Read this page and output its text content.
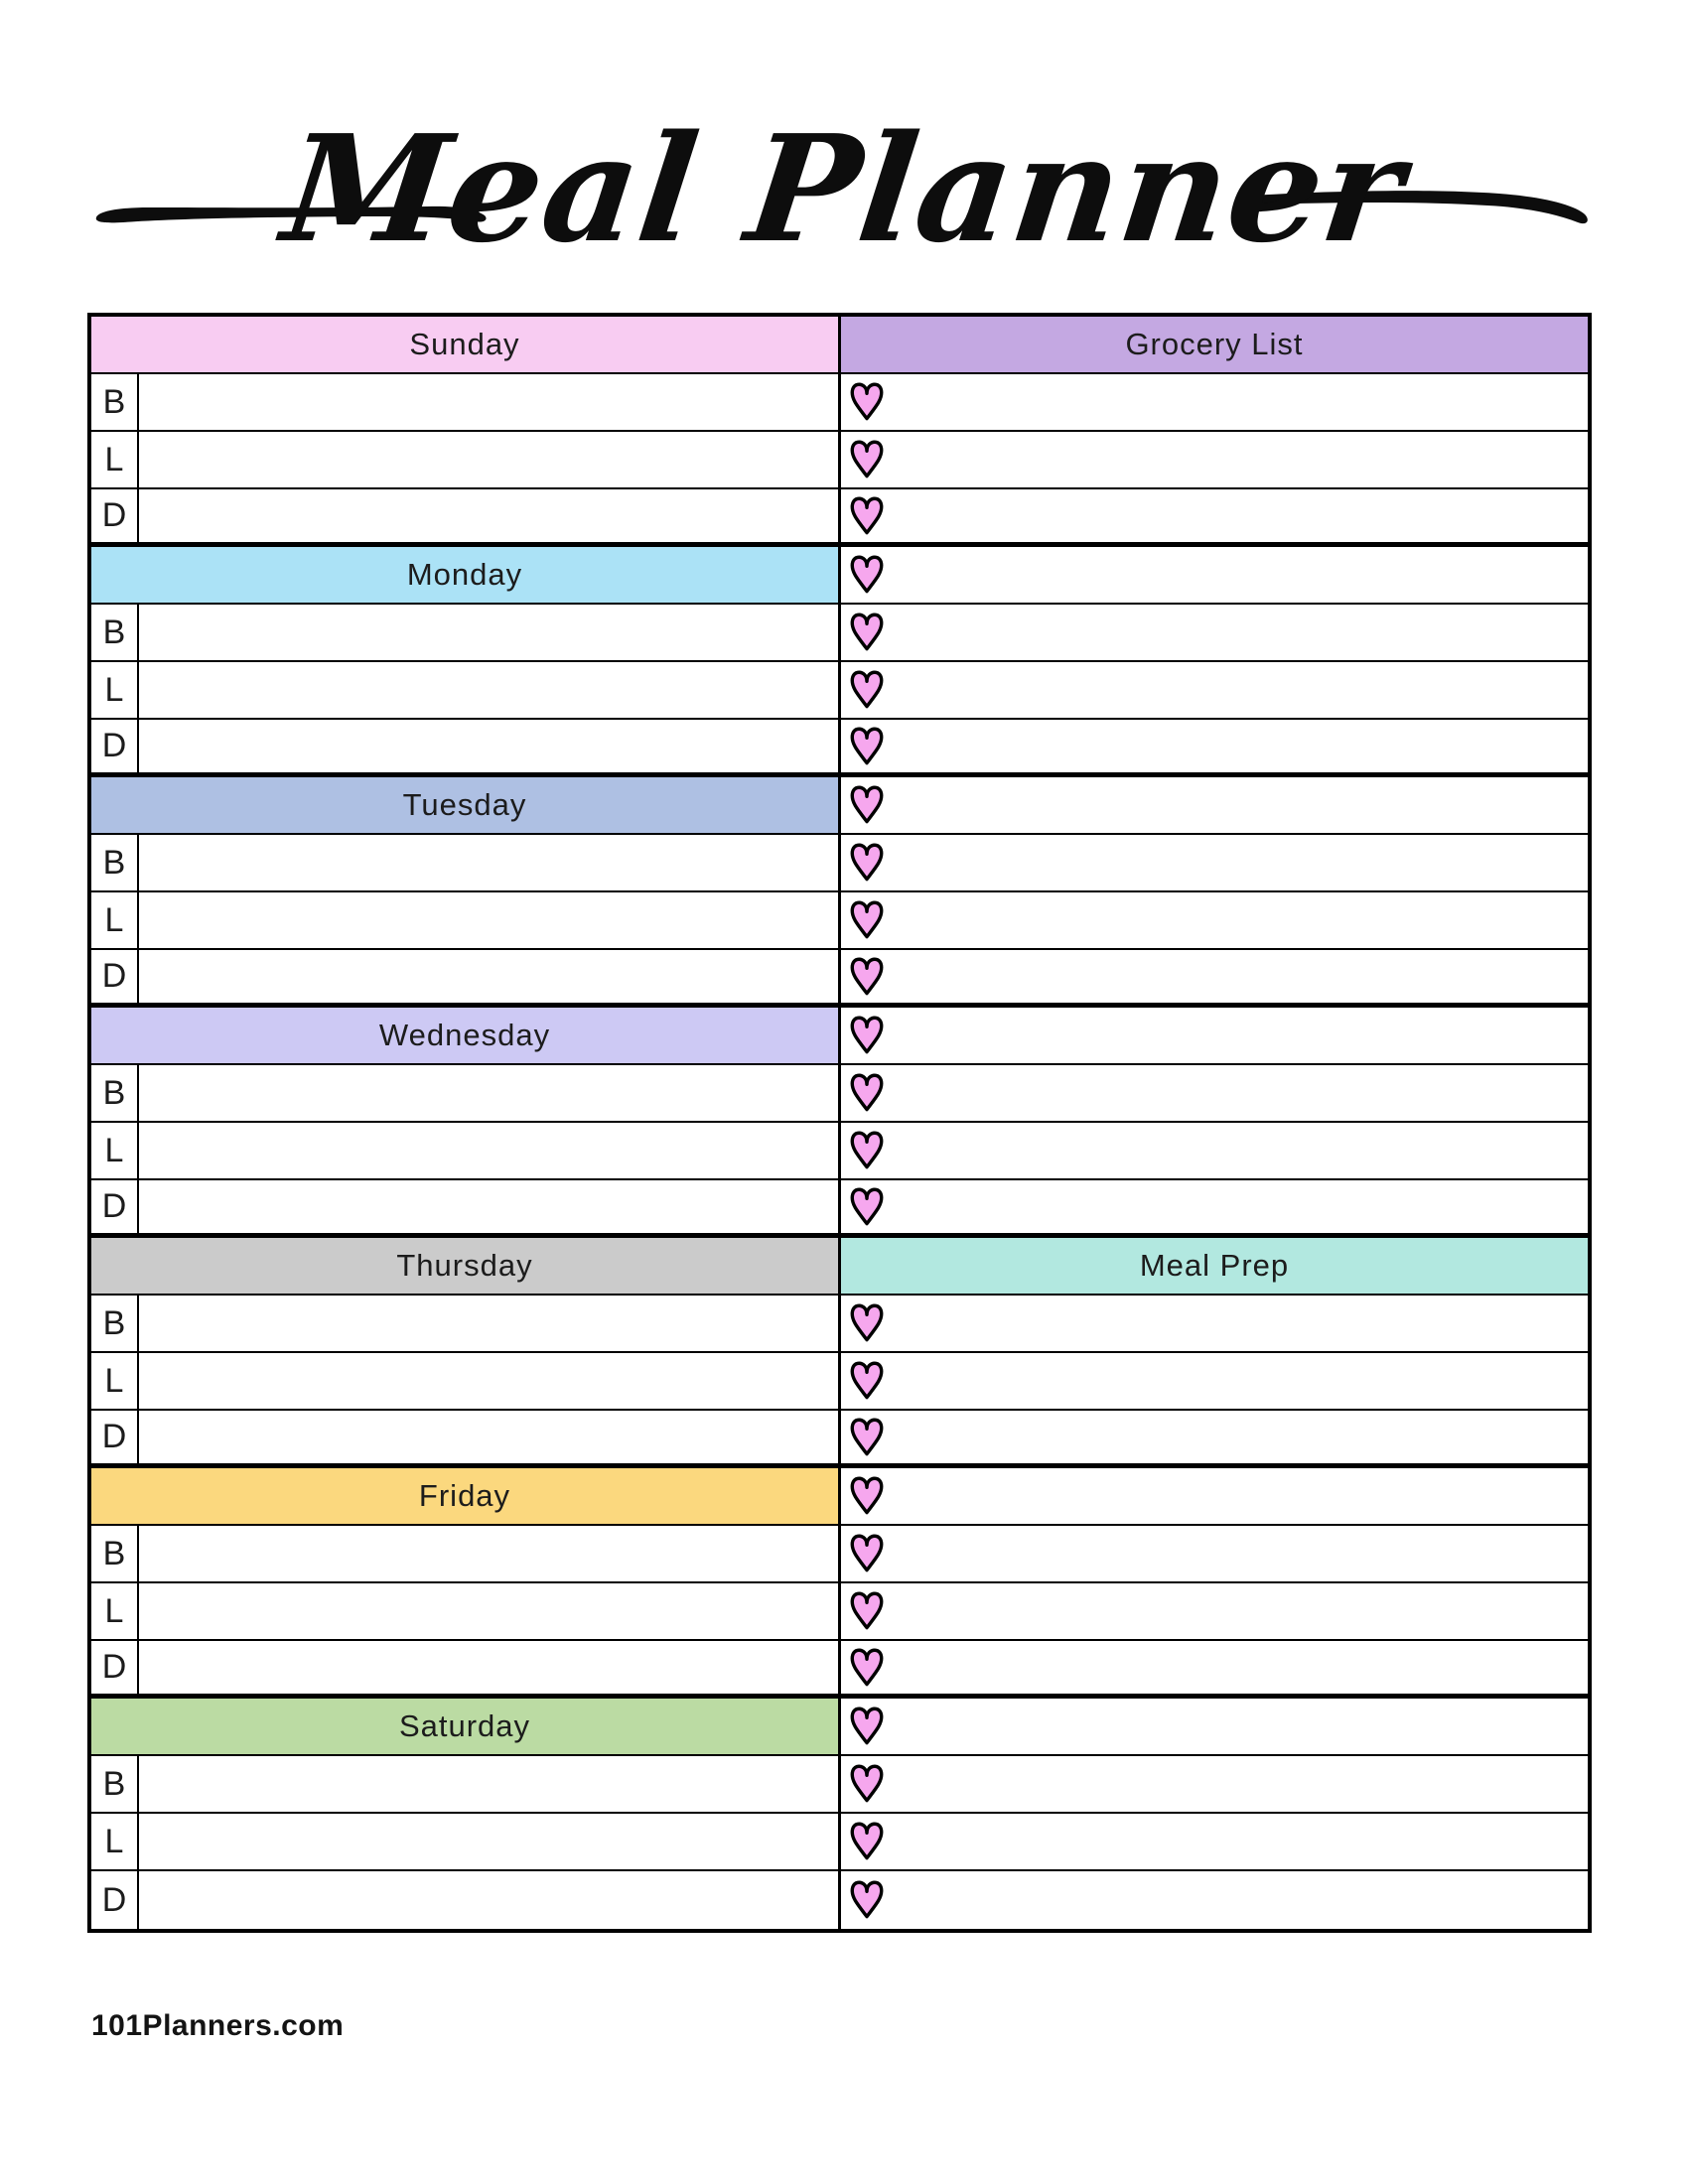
Meal Planner
Sunday	Grocery List
B
L
D
Monday
B
L
D
Tuesday
B
L
D
Wednesday
B
L
D
Thursday	Meal Prep
B
L
D
Friday
B
L
D
Saturday
B
L
D
101Planners.com
